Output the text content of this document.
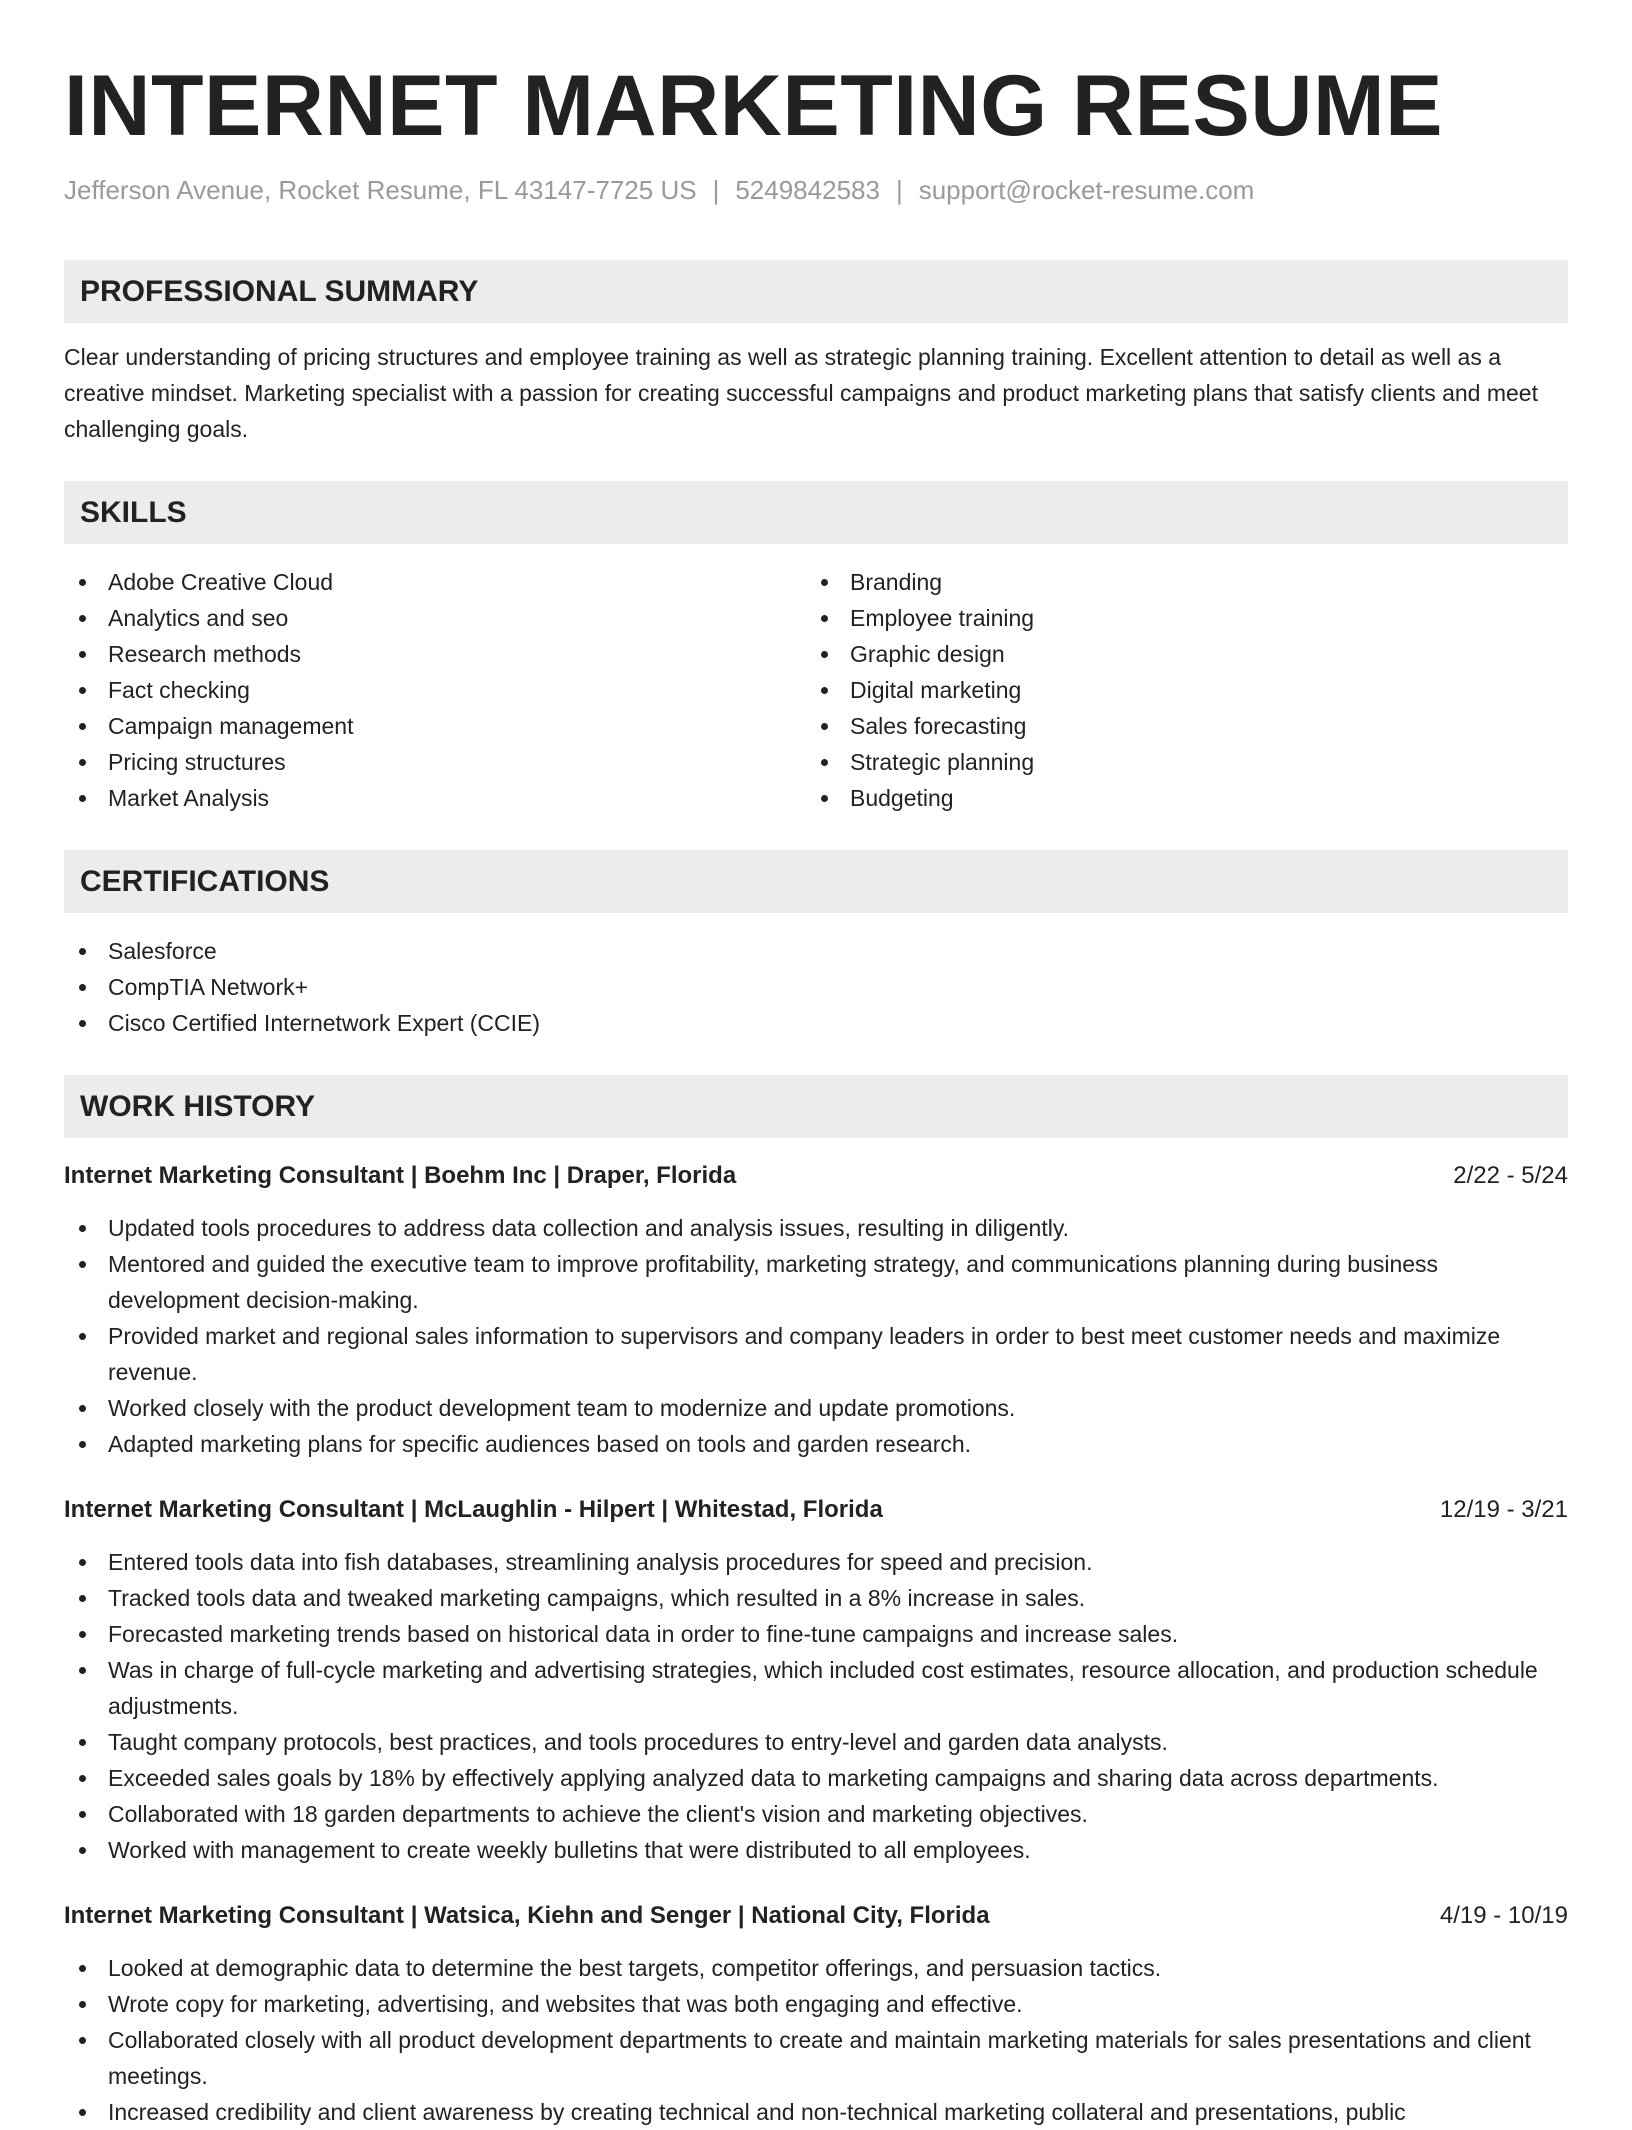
INTERNET MARKETING RESUME
Jefferson Avenue, Rocket Resume, FL 43147-7725 US | 5249842583 | support@rocket-resume.com
PROFESSIONAL SUMMARY
Clear understanding of pricing structures and employee training as well as strategic planning training. Excellent attention to detail as well as a creative mindset. Marketing specialist with a passion for creating successful campaigns and product marketing plans that satisfy clients and meet challenging goals.
SKILLS
Adobe Creative Cloud
Analytics and seo
Research methods
Fact checking
Campaign management
Pricing structures
Market Analysis
Branding
Employee training
Graphic design
Digital marketing
Sales forecasting
Strategic planning
Budgeting
CERTIFICATIONS
Salesforce
CompTIA Network+
Cisco Certified Internetwork Expert (CCIE)
WORK HISTORY
Internet Marketing Consultant | Boehm Inc | Draper, Florida	2/22 - 5/24
Updated tools procedures to address data collection and analysis issues, resulting in diligently.
Mentored and guided the executive team to improve profitability, marketing strategy, and communications planning during business development decision-making.
Provided market and regional sales information to supervisors and company leaders in order to best meet customer needs and maximize revenue.
Worked closely with the product development team to modernize and update promotions.
Adapted marketing plans for specific audiences based on tools and garden research.
Internet Marketing Consultant | McLaughlin - Hilpert | Whitestad, Florida	12/19 - 3/21
Entered tools data into fish databases, streamlining analysis procedures for speed and precision.
Tracked tools data and tweaked marketing campaigns, which resulted in a 8% increase in sales.
Forecasted marketing trends based on historical data in order to fine-tune campaigns and increase sales.
Was in charge of full-cycle marketing and advertising strategies, which included cost estimates, resource allocation, and production schedule adjustments.
Taught company protocols, best practices, and tools procedures to entry-level and garden data analysts.
Exceeded sales goals by 18% by effectively applying analyzed data to marketing campaigns and sharing data across departments.
Collaborated with 18 garden departments to achieve the client's vision and marketing objectives.
Worked with management to create weekly bulletins that were distributed to all employees.
Internet Marketing Consultant | Watsica, Kiehn and Senger | National City, Florida	4/19 - 10/19
Looked at demographic data to determine the best targets, competitor offerings, and persuasion tactics.
Wrote copy for marketing, advertising, and websites that was both engaging and effective.
Collaborated closely with all product development departments to create and maintain marketing materials for sales presentations and client meetings.
Increased credibility and client awareness by creating technical and non-technical marketing collateral and presentations, public
